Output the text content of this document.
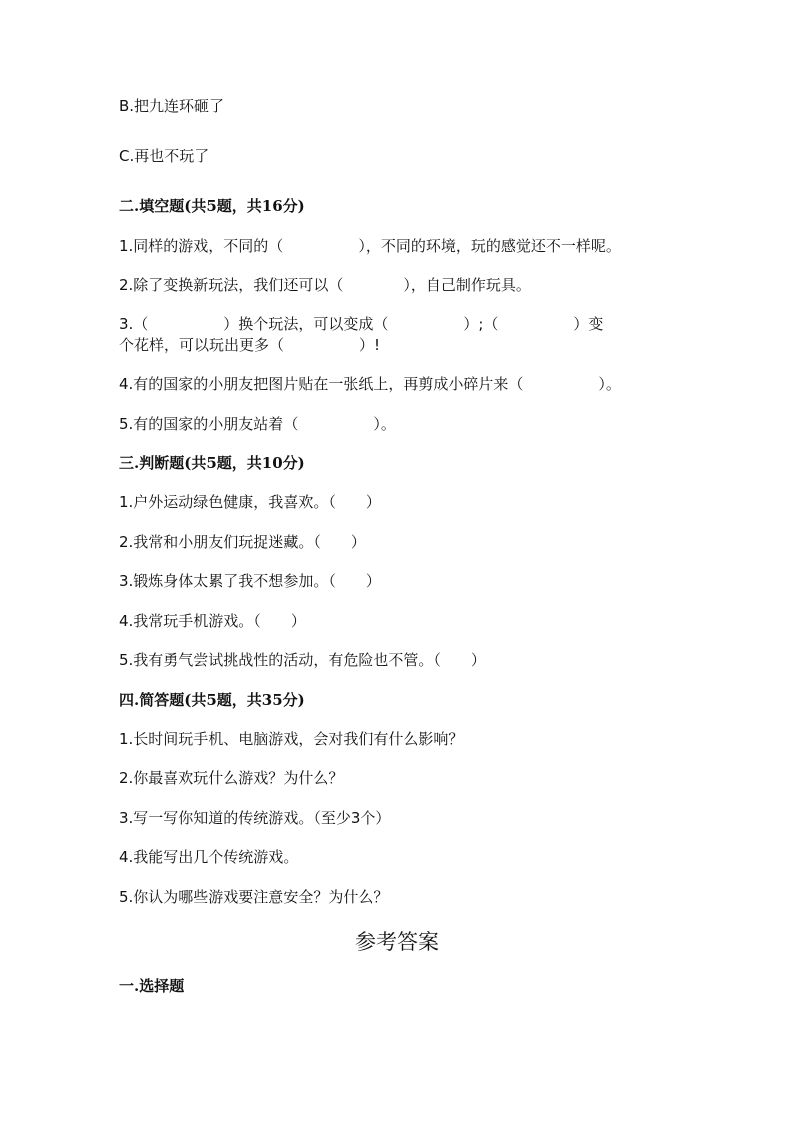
B.把九连环砸了
C.再也不玩了
二.填空题(共5题，共16分)
1.同样的游戏，不同的（　　　　　），不同的环境，玩的感觉还不一样呢。
2.除了变换新玩法，我们还可以（　　　　），自己制作玩具。
3.（　　　　　）换个玩法，可以变成（　　　　　）;（　　　　　）变
个花样，可以玩出更多（　　　　　）!
4.有的国家的小朋友把图片贴在一张纸上，再剪成小碎片来（　　　　　）。
5.有的国家的小朋友站着（　　　　　）。
三.判断题(共5题，共10分)
1.户外运动绿色健康，我喜欢。（　　）
2.我常和小朋友们玩捉迷藏。（　　）
3.锻炼身体太累了我不想参加。（　　）
4.我常玩手机游戏。（　　）
5.我有勇气尝试挑战性的活动，有危险也不管。（　　）
四.简答题(共5题，共35分)
1.长时间玩手机、电脑游戏，会对我们有什么影响？
2.你最喜欢玩什么游戏？为什么？
3.写一写你知道的传统游戏。（至少3个）
4.我能写出几个传统游戏。
5.你认为哪些游戏要注意安全？为什么？
参考答案
一.选择题
